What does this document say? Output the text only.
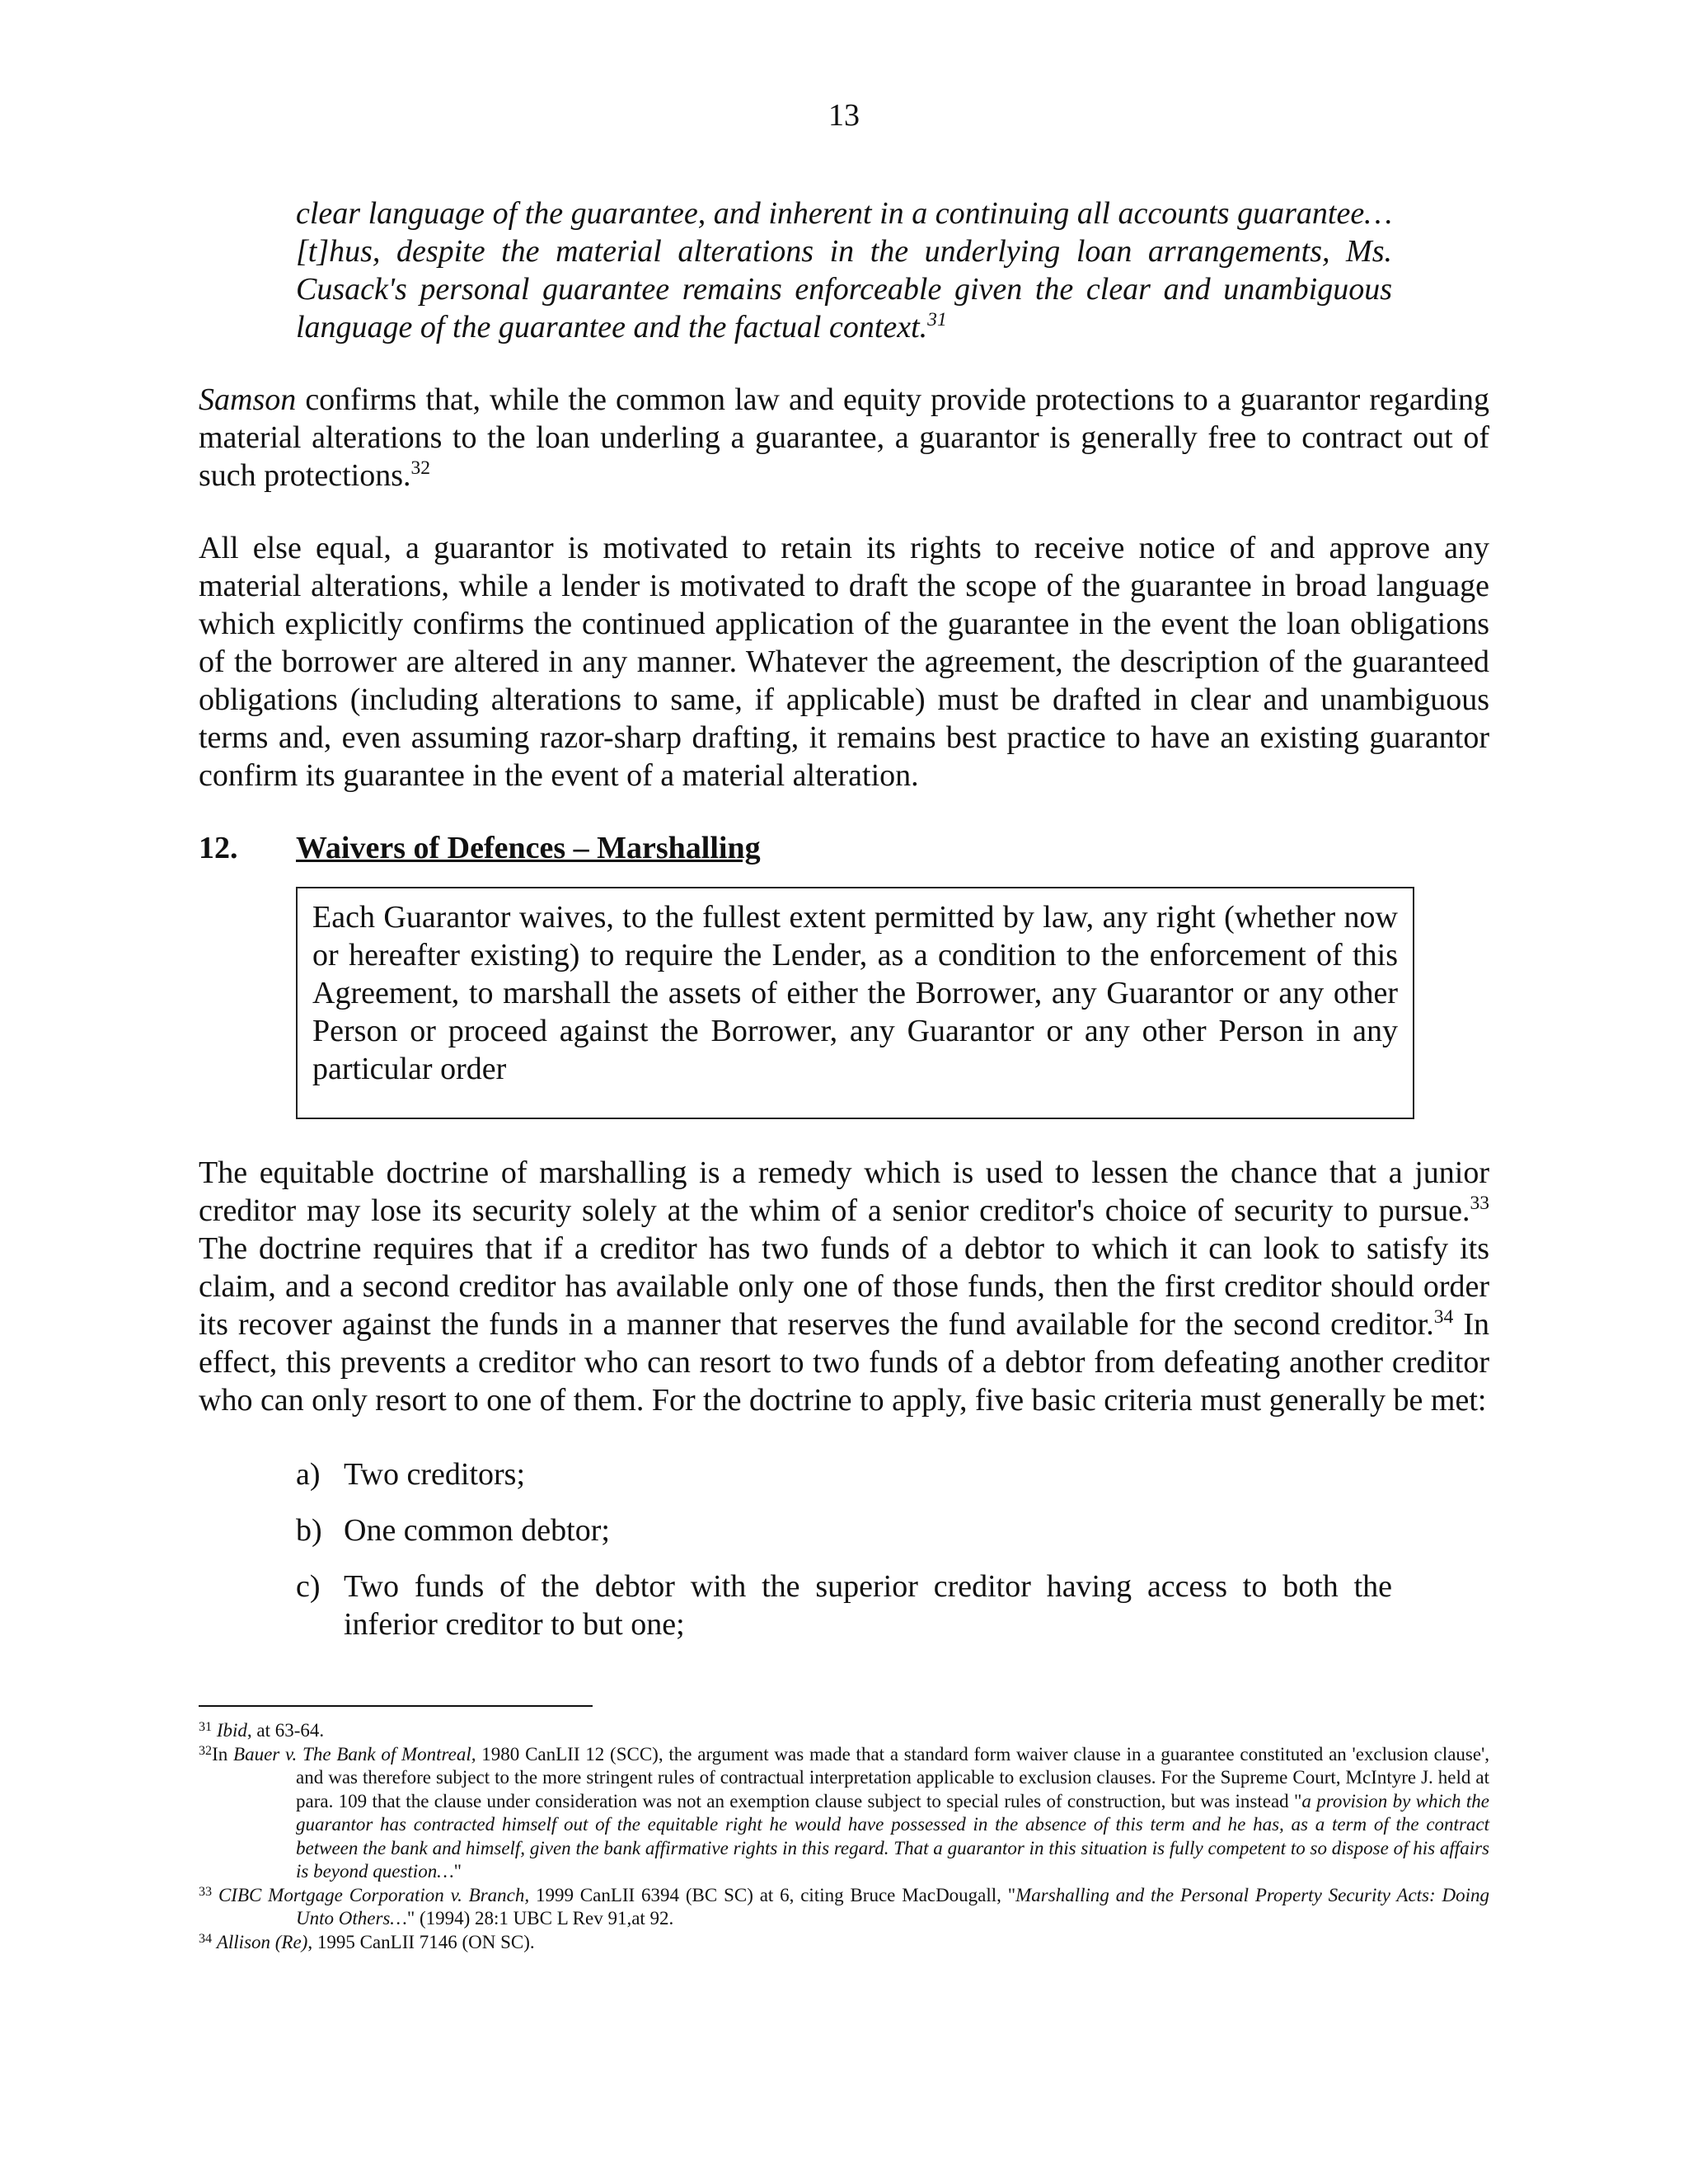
13

clear language of the guarantee, and inherent in a continuing all accounts guarantee…[t]hus, despite the material alterations in the underlying loan arrangements, Ms. Cusack's personal guarantee remains enforceable given the clear and unambiguous language of the guarantee and the factual context.$^{31}$

Samson confirms that, while the common law and equity provide protections to a guarantor regarding material alterations to the loan underling a guarantee, a guarantor is generally free to contract out of such protections.$^{32}$

All else equal, a guarantor is motivated to retain its rights to receive notice of and approve any material alterations, while a lender is motivated to draft the scope of the guarantee in broad language which explicitly confirms the continued application of the guarantee in the event the loan obligations of the borrower are altered in any manner. Whatever the agreement, the description of the guaranteed obligations (including alterations to same, if applicable) must be drafted in clear and unambiguous terms and, even assuming razor-sharp drafting, it remains best practice to have an existing guarantor confirm its guarantee in the event of a material alteration.

12.	Waivers of Defences – Marshalling

Each Guarantor waives, to the fullest extent permitted by law, any right (whether now or hereafter existing) to require the Lender, as a condition to the enforcement of this Agreement, to marshall the assets of either the Borrower, any Guarantor or any other Person or proceed against the Borrower, any Guarantor or any other Person in any particular order

The equitable doctrine of marshalling is a remedy which is used to lessen the chance that a junior creditor may lose its security solely at the whim of a senior creditor's choice of security to pursue.$^{33}$ The doctrine requires that if a creditor has two funds of a debtor to which it can look to satisfy its claim, and a second creditor has available only one of those funds, then the first creditor should order its recover against the funds in a manner that reserves the fund available for the second creditor.$^{34}$ In effect, this prevents a creditor who can resort to two funds of a debtor from defeating another creditor who can only resort to one of them. For the doctrine to apply, five basic criteria must generally be met:

a) Two creditors;
b) One common debtor;
c) Two funds of the debtor with the superior creditor having access to both the inferior creditor to but one;

$^{31}$ Ibid, at 63-64.

$^{32}$In Bauer v. The Bank of Montreal, 1980 CanLII 12 (SCC), the argument was made that a standard form waiver clause in a guarantee constituted an 'exclusion clause', and was therefore subject to the more stringent rules of contractual interpretation applicable to exclusion clauses. For the Supreme Court, McIntyre J. held at para. 109 that the clause under consideration was not an exemption clause subject to special rules of construction, but was instead "a provision by which the guarantor has contracted himself out of the equitable right he would have possessed in the absence of this term and he has, as a term of the contract between the bank and himself, given the bank affirmative rights in this regard. That a guarantor in this situation is fully competent to so dispose of his affairs is beyond question…"

$^{33}$ CIBC Mortgage Corporation v. Branch, 1999 CanLII 6394 (BC SC) at 6, citing Bruce MacDougall, "Marshalling and the Personal Property Security Acts: Doing Unto Others…" (1994) 28:1 UBC L Rev 91,at 92.

$^{34}$ Allison (Re), 1995 CanLII 7146 (ON SC).
